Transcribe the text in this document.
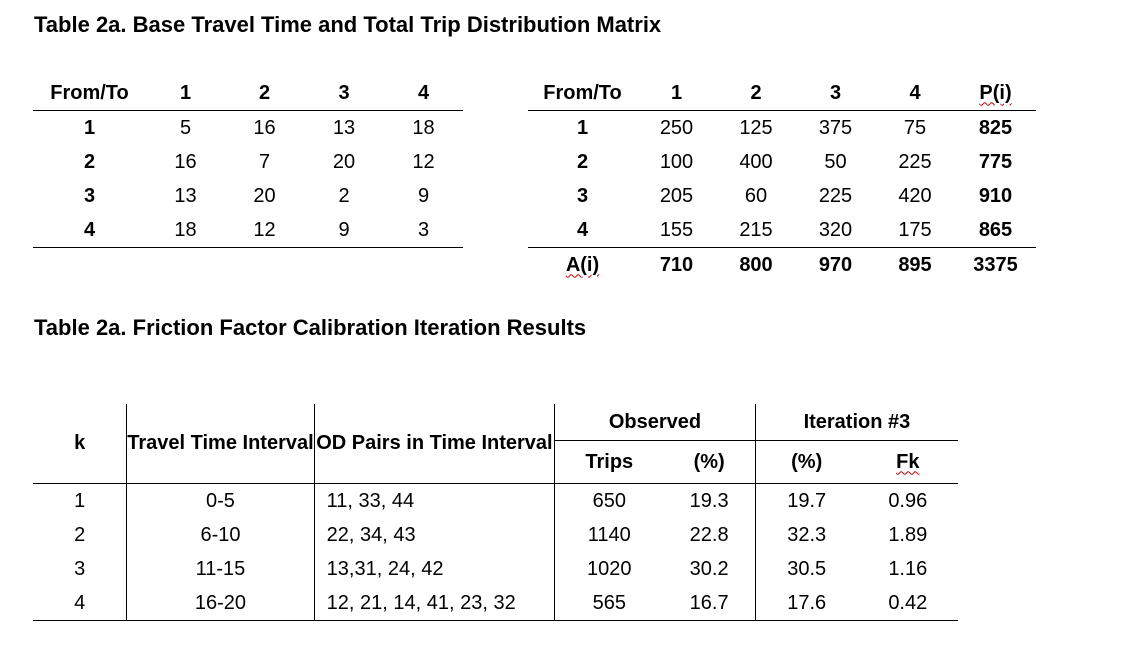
Table 2a. Base Travel Time and Total Trip Distribution Matrix
From/To	1	2	3	4
1	5	16	13	18
2	16	7	20	12
3	13	20	2	9
4	18	12	9	3
From/To	1	2	3	4	P(i)
1	250	125	375	75	825
2	100	400	50	225	775
3	205	60	225	420	910
4	155	215	320	175	865
A(i)	710	800	970	895	3375
Table 2a. Friction Factor Calibration Iteration Results
k	Travel Time Interval	OD Pairs in Time Interval	Observed		Iteration #3	
			Trips	(%)	(%)	Fk
1	0-5	11, 33, 44	650	19.3	19.7	0.96
2	6-10	22, 34, 43	1140	22.8	32.3	1.89
3	11-15	13,31, 24, 42	1020	30.2	30.5	1.16
4	16-20	12, 21, 14, 41, 23, 32	565	16.7	17.6	0.42
